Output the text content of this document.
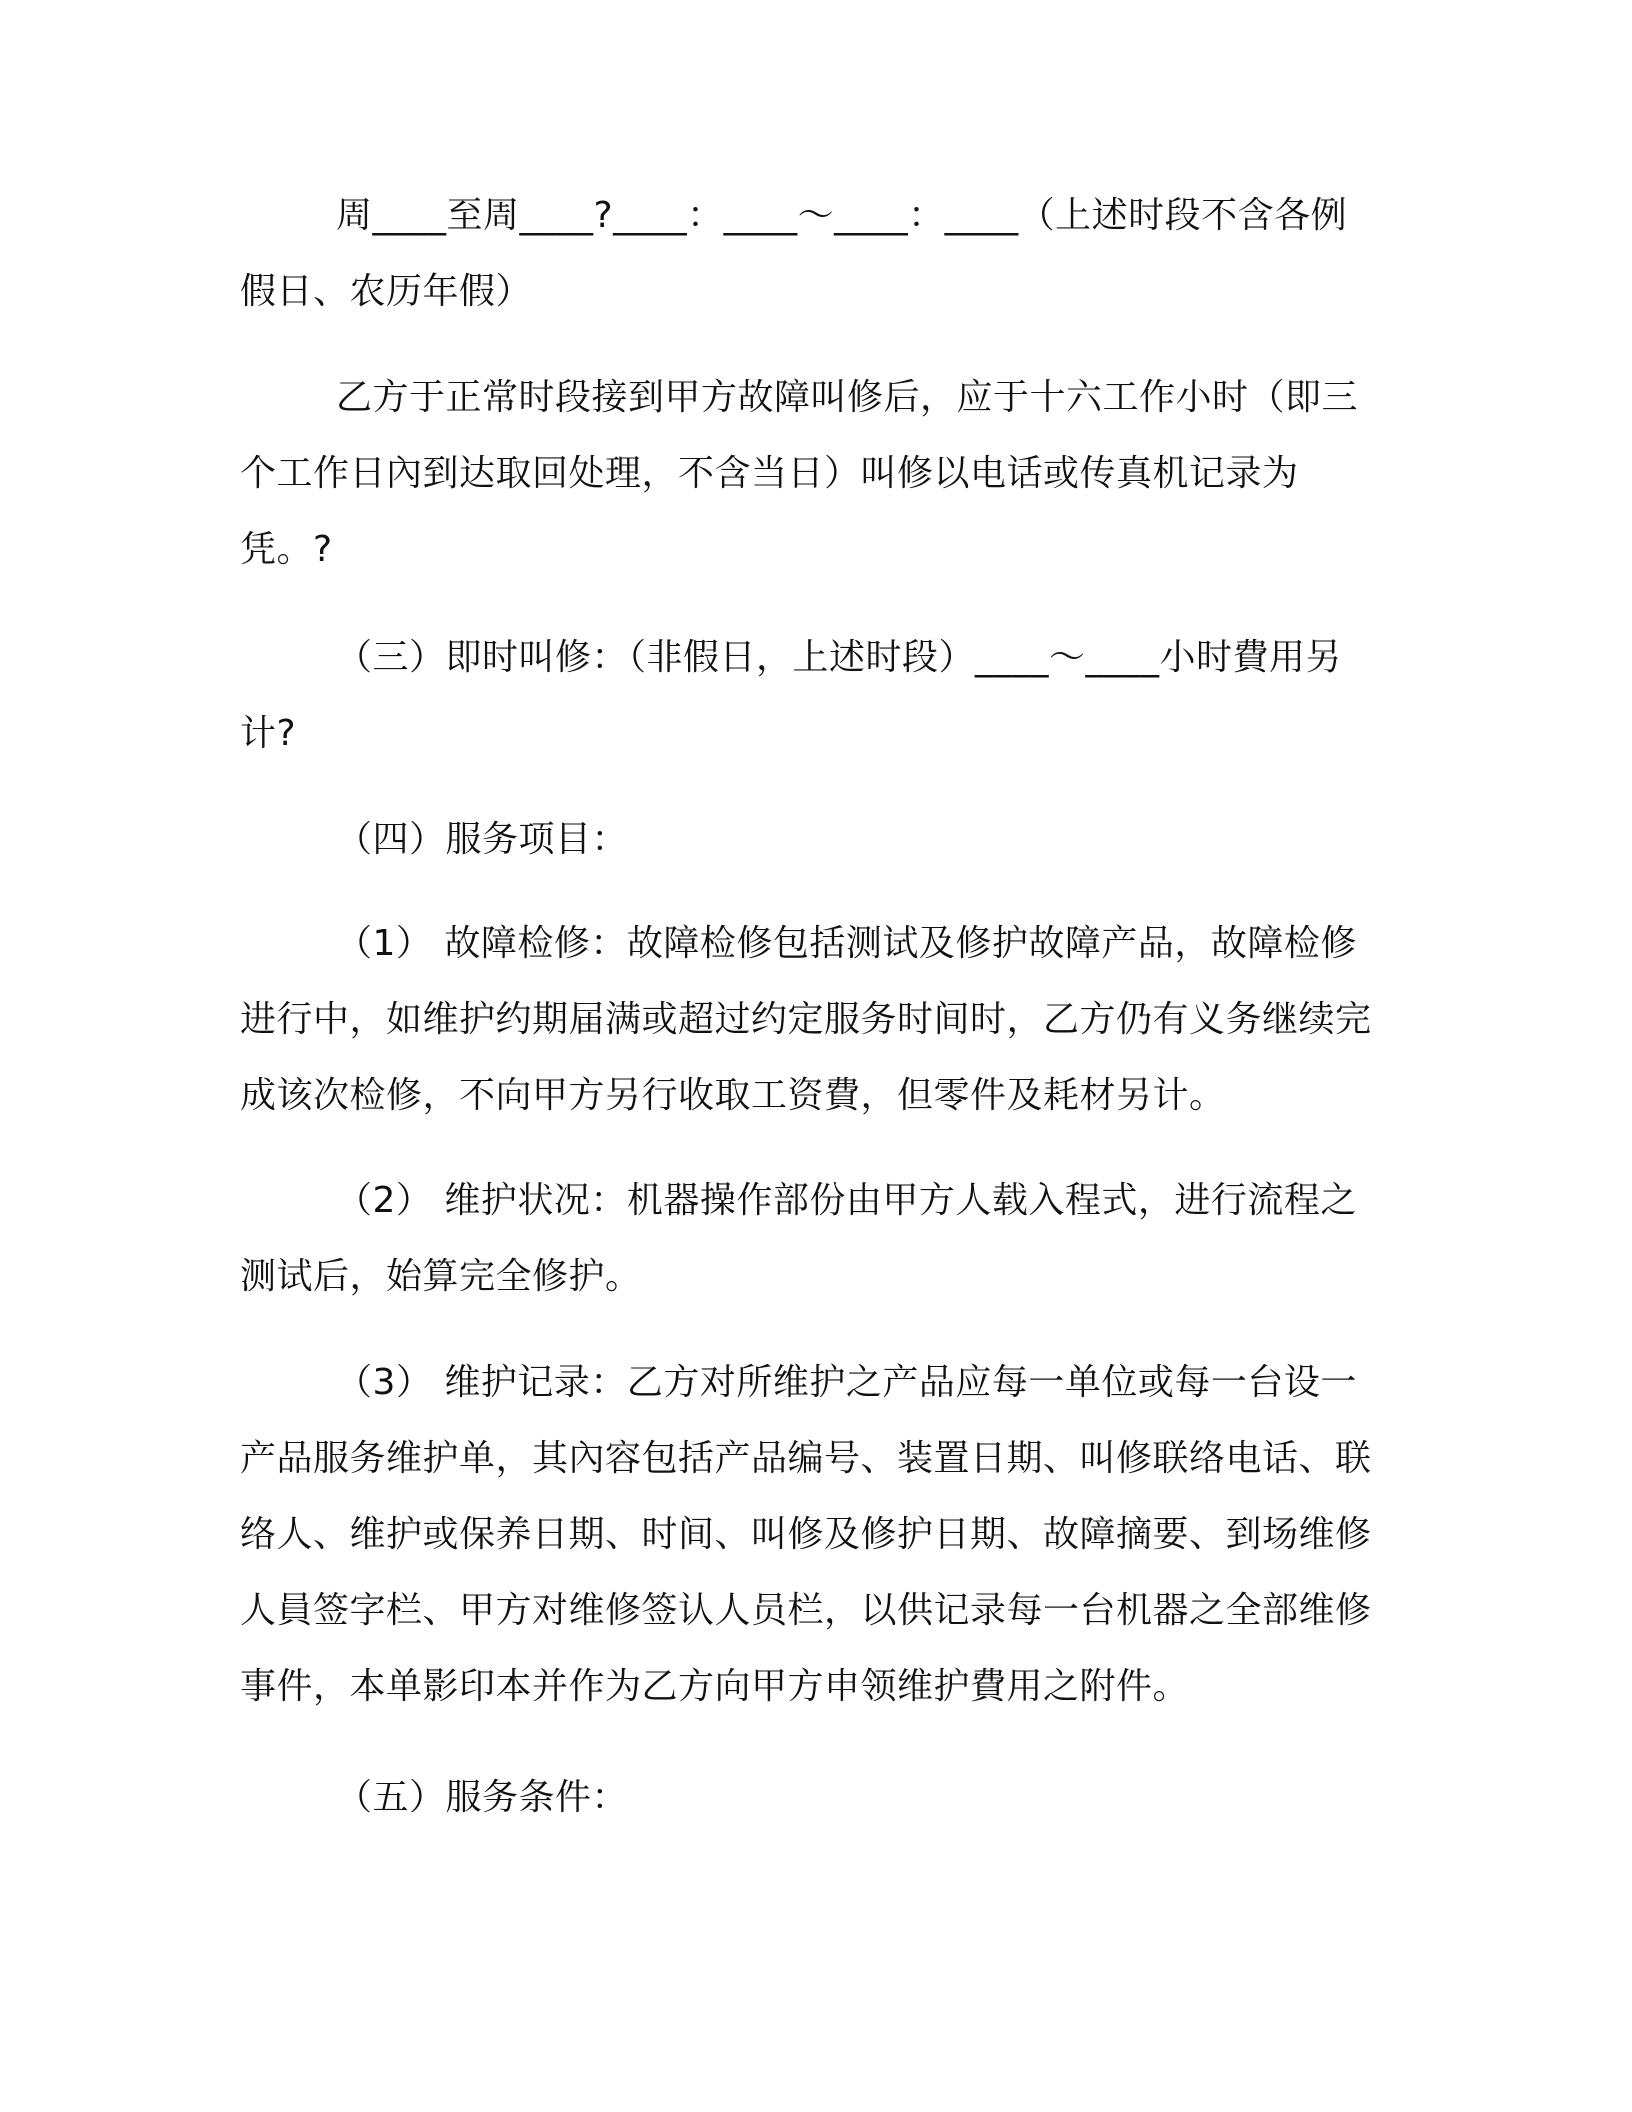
周____至周____?____：____～____：____（上述时段不含各例假日、农历年假）

乙方于正常时段接到甲方故障叫修后，应于十六工作小时（即三个工作日內到达取回处理，不含当日）叫修以电话或传真机记录为凭。?

（三）即时叫修：（非假日，上述时段）____～____小时費用另计?

（四）服务项目：

（1） 故障检修：故障检修包括测试及修护故障产品，故障检修进行中，如维护约期届满或超过约定服务时间时，乙方仍有义务继续完成该次检修，不向甲方另行收取工资費，但零件及耗材另计。

（2） 维护状况：机器操作部份由甲方人载入程式，进行流程之测试后，始算完全修护。

（3） 维护记录：乙方对所维护之产品应每一单位或每一台设一产品服务维护单，其內容包括产品编号、装置日期、叫修联络电话、联络人、维护或保养日期、时间、叫修及修护日期、故障摘要、到场维修人員签字栏、甲方对维修签认人员栏，以供记录每一台机器之全部维修事件，本单影印本并作为乙方向甲方申领维护費用之附件。

（五）服务条件：
